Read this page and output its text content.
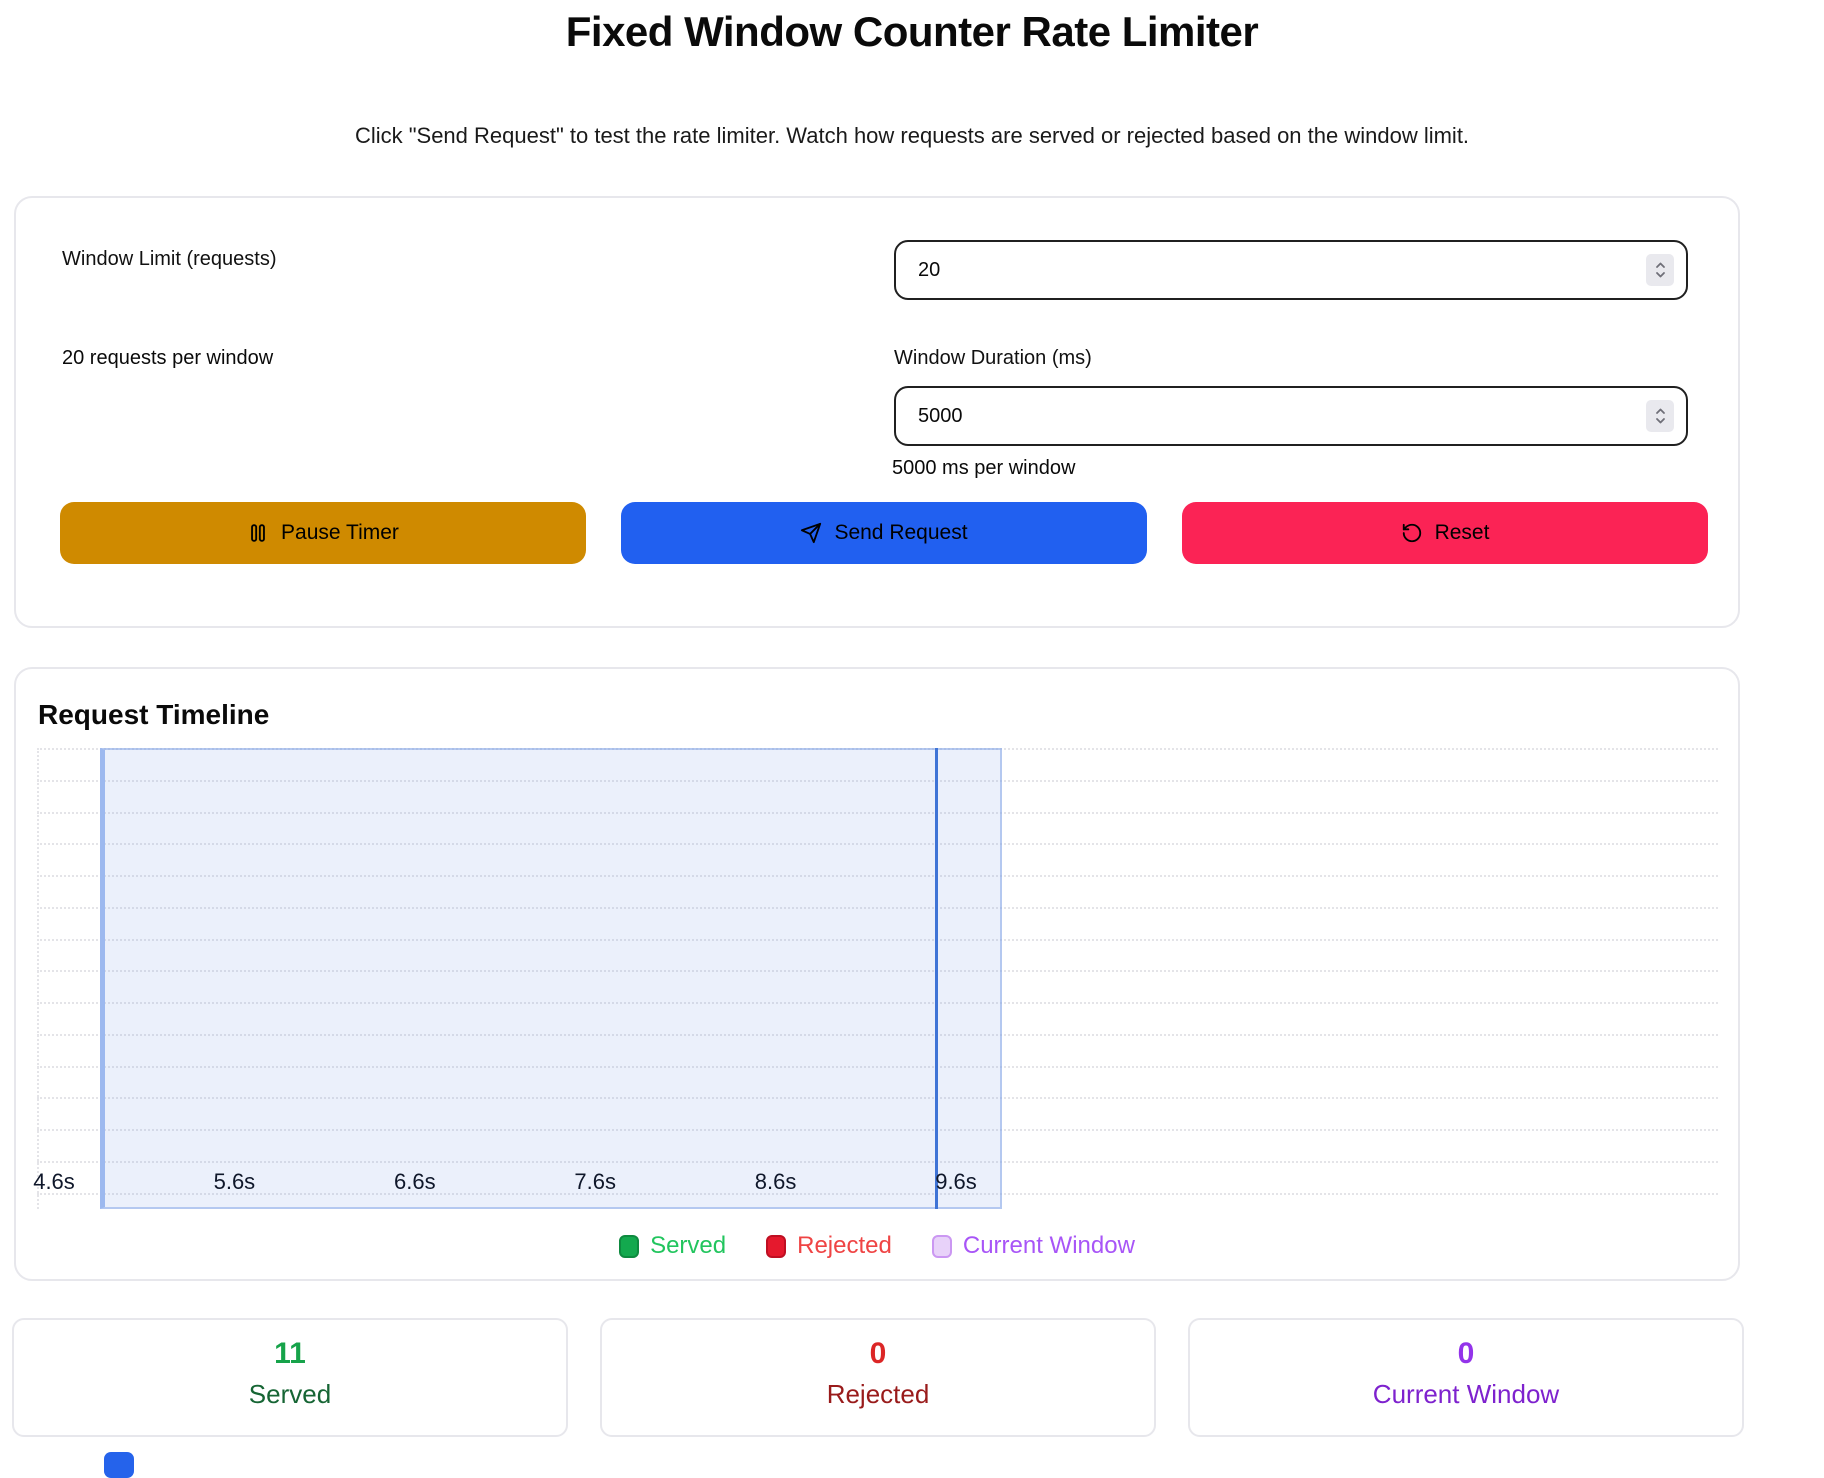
Fixed Window Counter Rate Limiter

Click "Send Request" to test the rate limiter. Watch how requests are served or rejected based on the window limit.

Window Limit (requests)
20
20 requests per window	Window Duration (ms)
5000
5000 ms per window
Pause Timer	Send Request	Reset
Request Timeline
4.6s	5.6s	6.6s	7.6s	8.6s	9.6s
Served	Rejected	Current Window
11
Served
0
Rejected
0
Current Window
